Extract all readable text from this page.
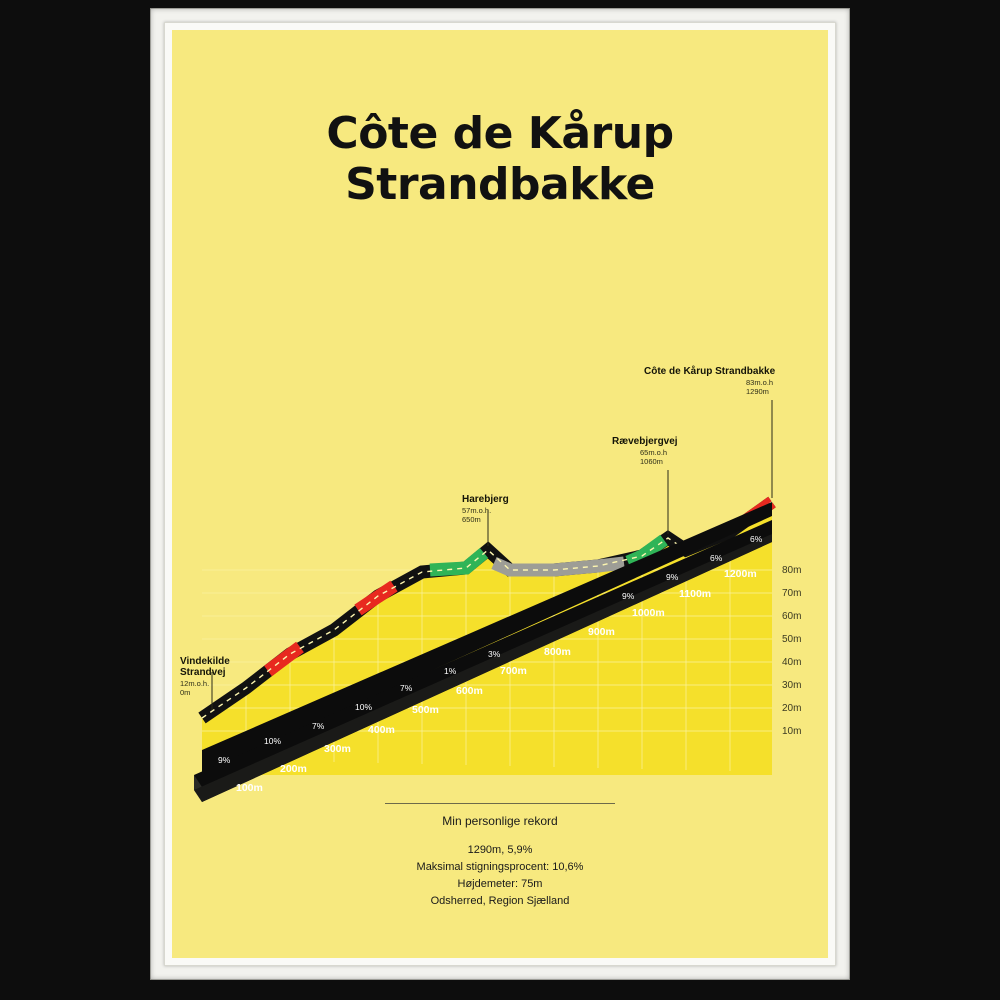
Côte de Kårup Strandbakke
9%
10%
7%
10%
7%
1%
3%
9%
9%
6%
6%
100m
200m
300m
400m
500m
600m
700m
800m
900m
1000m
1100m
1200m
10m
20m
30m
40m
50m
60m
70m
80m
Vindekilde
Strandvej
12m.o.h.
0m
Harebjerg
57m.o.h.
650m
Rævebjergvej
65m.o.h
1060m
Côte de Kårup Strandbakke
83m.o.h
1290m
Min personlige rekord
1290m, 5,9%
Maksimal stigningsprocent: 10,6%
Højdemeter: 75m
Odsherred, Region Sjælland
